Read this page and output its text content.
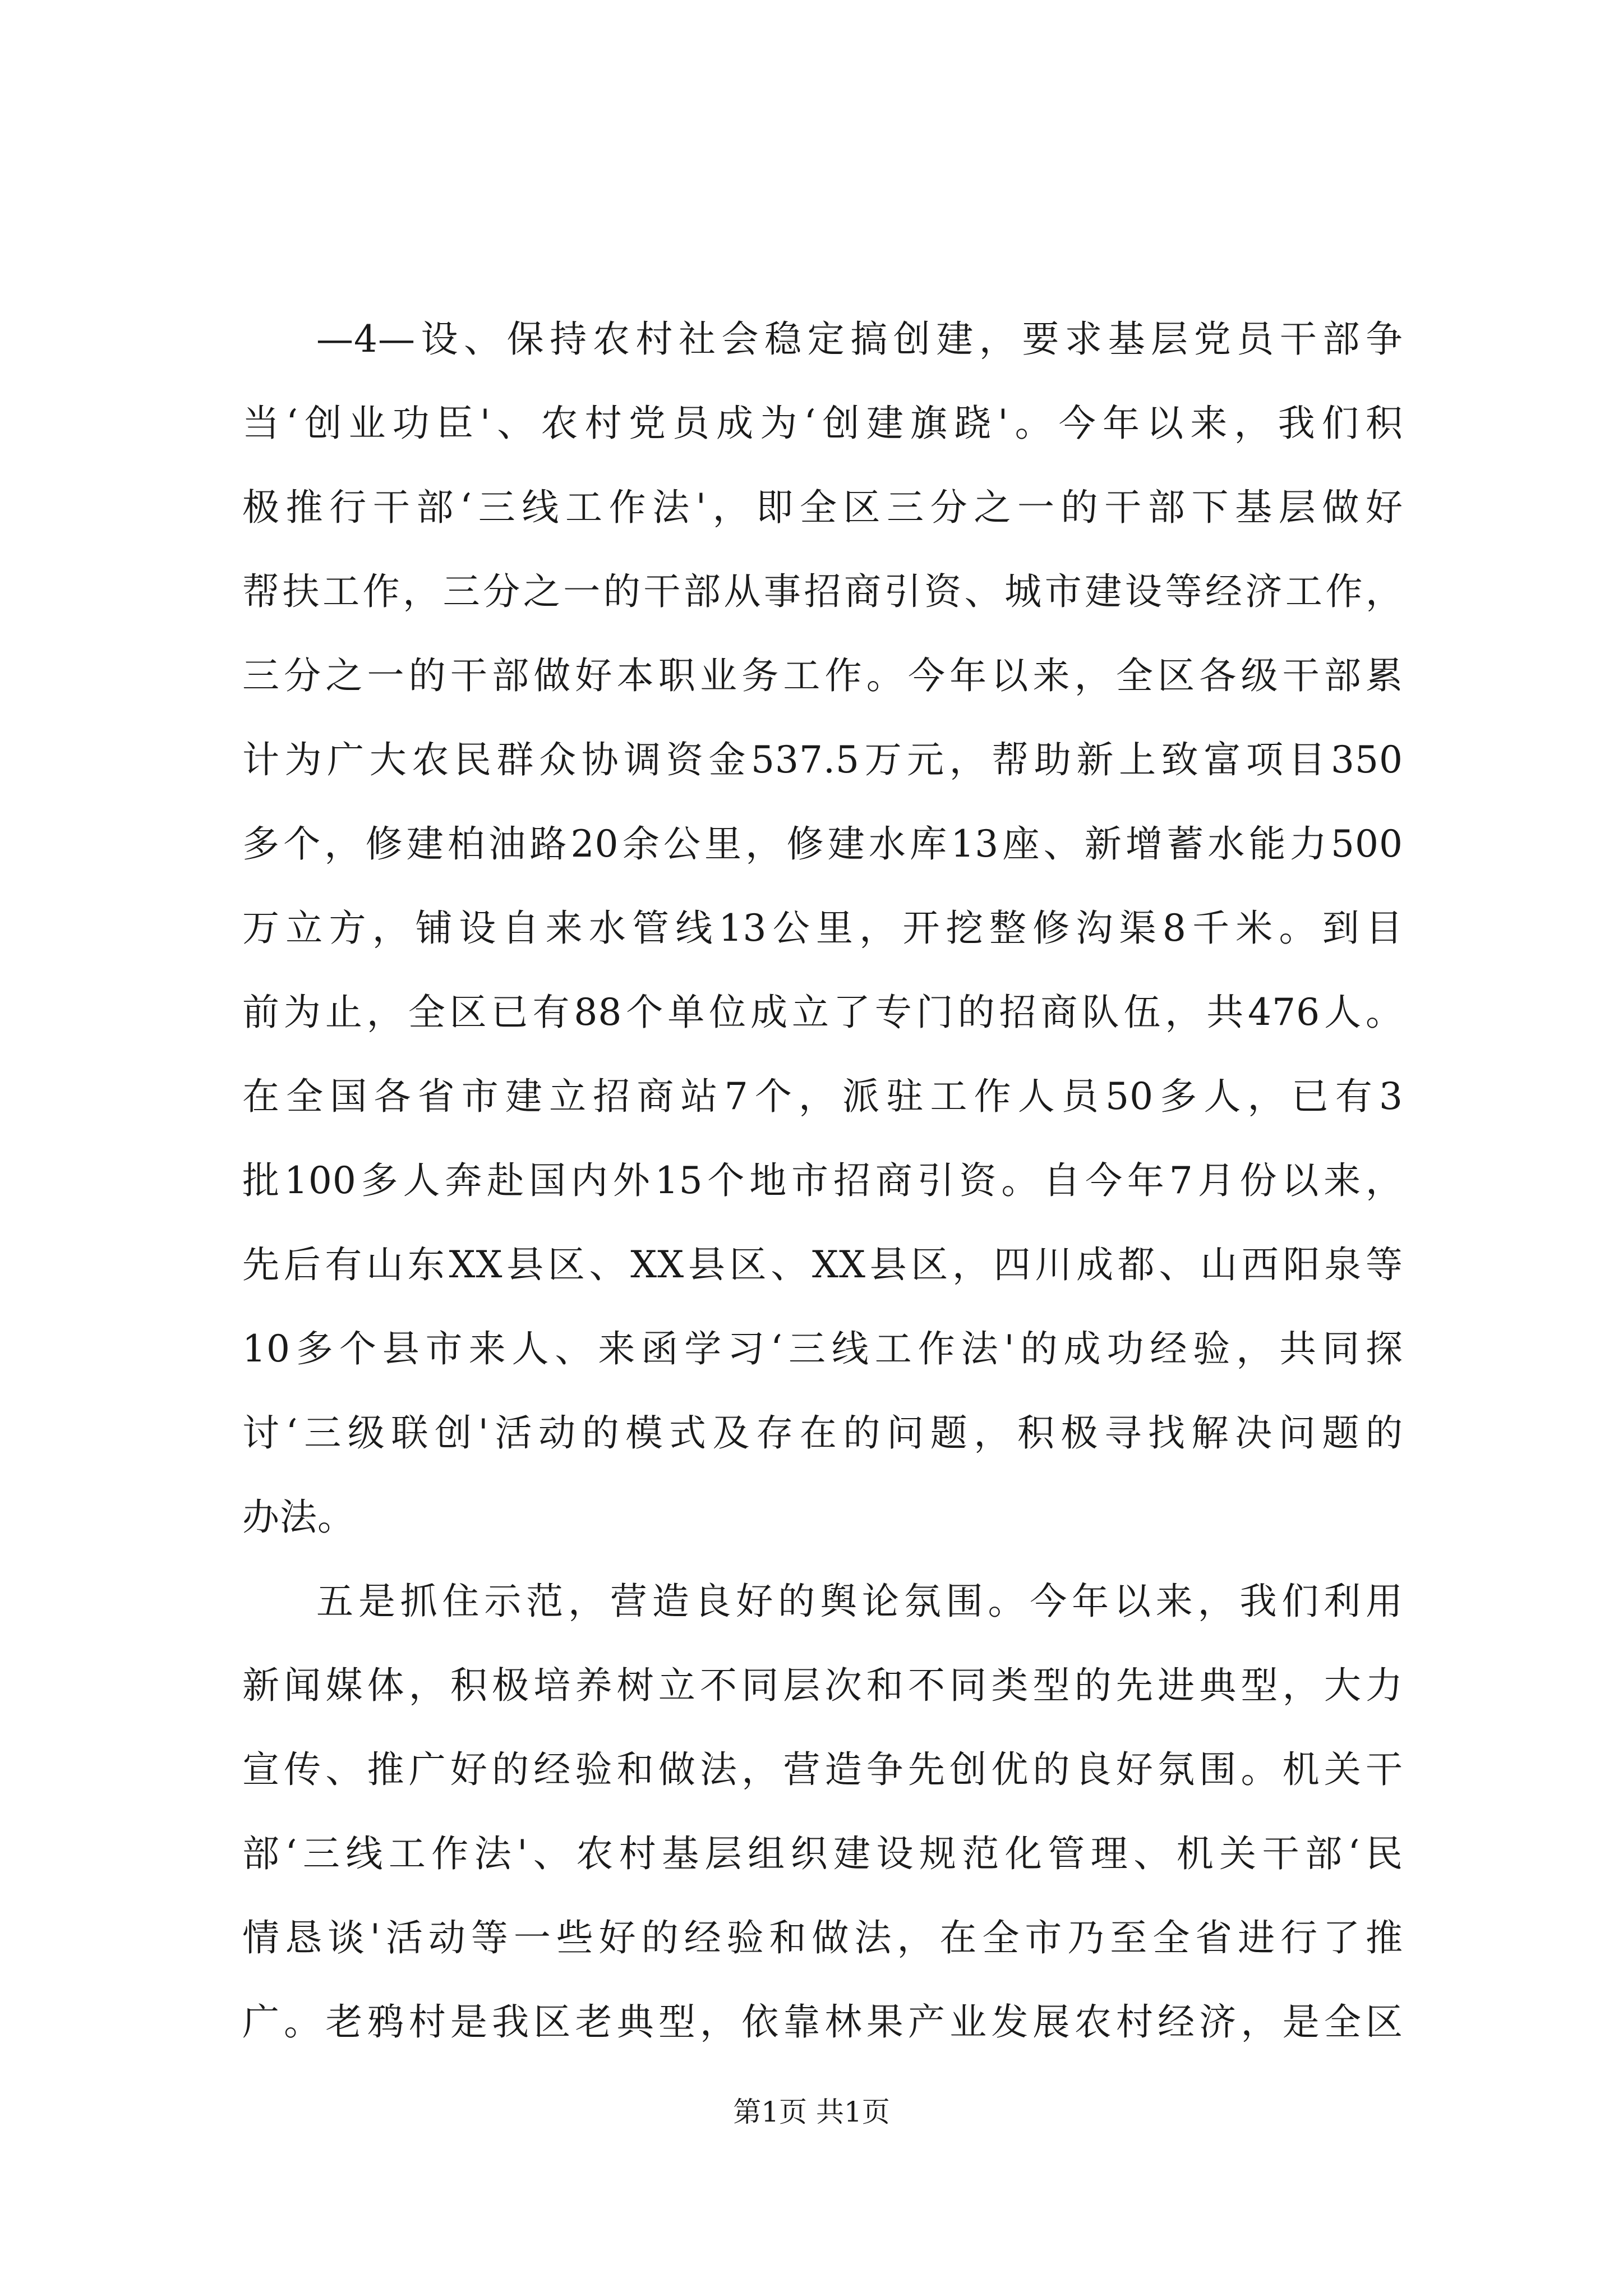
—4—设、保持农村社会稳定搞创建，要求基层党员干部争
当‘创业功臣'、农村党员成为‘创建旗跷'。今年以来，我们积
极推行干部‘三线工作法'，即全区三分之一的干部下基层做好
帮扶工作，三分之一的干部从事招商引资、城市建设等经济工作，
三分之一的干部做好本职业务工作。今年以来，全区各级干部累
计为广大农民群众协调资金537.5万元，帮助新上致富项目350
多个，修建柏油路20余公里，修建水库13座、新增蓄水能力500
万立方，铺设自来水管线13公里，开挖整修沟渠8千米。到目
前为止，全区已有88个单位成立了专门的招商队伍，共476人。
在全国各省市建立招商站7个，派驻工作人员50多人，已有3
批100多人奔赴国内外15个地市招商引资。自今年7月份以来，
先后有山东XX县区、XX县区、XX县区，四川成都、山西阳泉等
10多个县市来人、来函学习‘三线工作法'的成功经验，共同探
讨‘三级联创'活动的模式及存在的问题，积极寻找解决问题的
办法。
五是抓住示范，营造良好的舆论氛围。今年以来，我们利用
新闻媒体，积极培养树立不同层次和不同类型的先进典型，大力
宣传、推广好的经验和做法，营造争先创优的良好氛围。机关干
部‘三线工作法'、农村基层组织建设规范化管理、机关干部‘民
情恳谈'活动等一些好的经验和做法，在全市乃至全省进行了推
广。老鸦村是我区老典型，依靠林果产业发展农村经济，是全区
第1页 共1页
